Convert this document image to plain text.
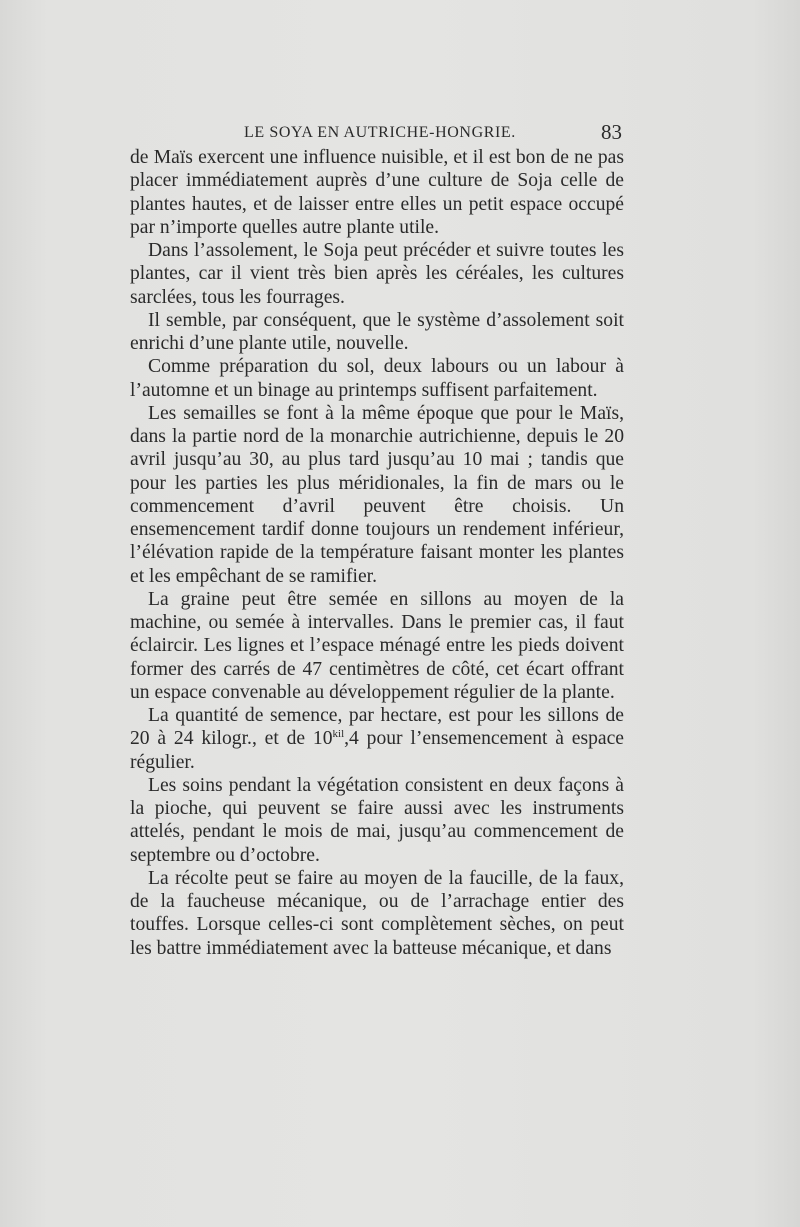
LE SOYA EN AUTRICHE-HONGRIE.	83

de Maïs exercent une influence nuisible, et il est bon de ne pas placer immédiatement auprès d’une culture de Soja celle de plantes hautes, et de laisser entre elles un petit espace occupé par n’importe quelles autre plante utile.

Dans l’assolement, le Soja peut précéder et suivre toutes les plantes, car il vient très bien après les céréales, les cultures sarclées, tous les fourrages.

Il semble, par conséquent, que le système d’assolement soit enrichi d’une plante utile, nouvelle.

Comme préparation du sol, deux labours ou un labour à l’automne et un binage au printemps suffisent parfaitement.

Les semailles se font à la même époque que pour le Maïs, dans la partie nord de la monarchie autrichienne, depuis le 20 avril jusqu’au 30, au plus tard jusqu’au 10 mai ; tandis que pour les parties les plus méridionales, la fin de mars ou le commencement d’avril peuvent être choisis. Un ensemencement tardif donne toujours un rendement inférieur, l’élévation rapide de la température faisant monter les plantes et les empêchant de se ramifier.

La graine peut être semée en sillons au moyen de la machine, ou semée à intervalles. Dans le premier cas, il faut éclaircir. Les lignes et l’espace ménagé entre les pieds doivent former des carrés de 47 centimètres de côté, cet écart offrant un espace convenable au développement régulier de la plante.

La quantité de semence, par hectare, est pour les sillons de 20 à 24 kilogr., et de $10^{kil},4$ pour l’ensemencement à espace régulier.

Les soins pendant la végétation consistent en deux façons à la pioche, qui peuvent se faire aussi avec les instruments attelés, pendant le mois de mai, jusqu’au commencement de septembre ou d’octobre.

La récolte peut se faire au moyen de la faucille, de la faux, de la faucheuse mécanique, ou de l’arrachage entier des touffes. Lorsque celles-ci sont complètement sèches, on peut les battre immédiatement avec la batteuse mécanique, et dans
